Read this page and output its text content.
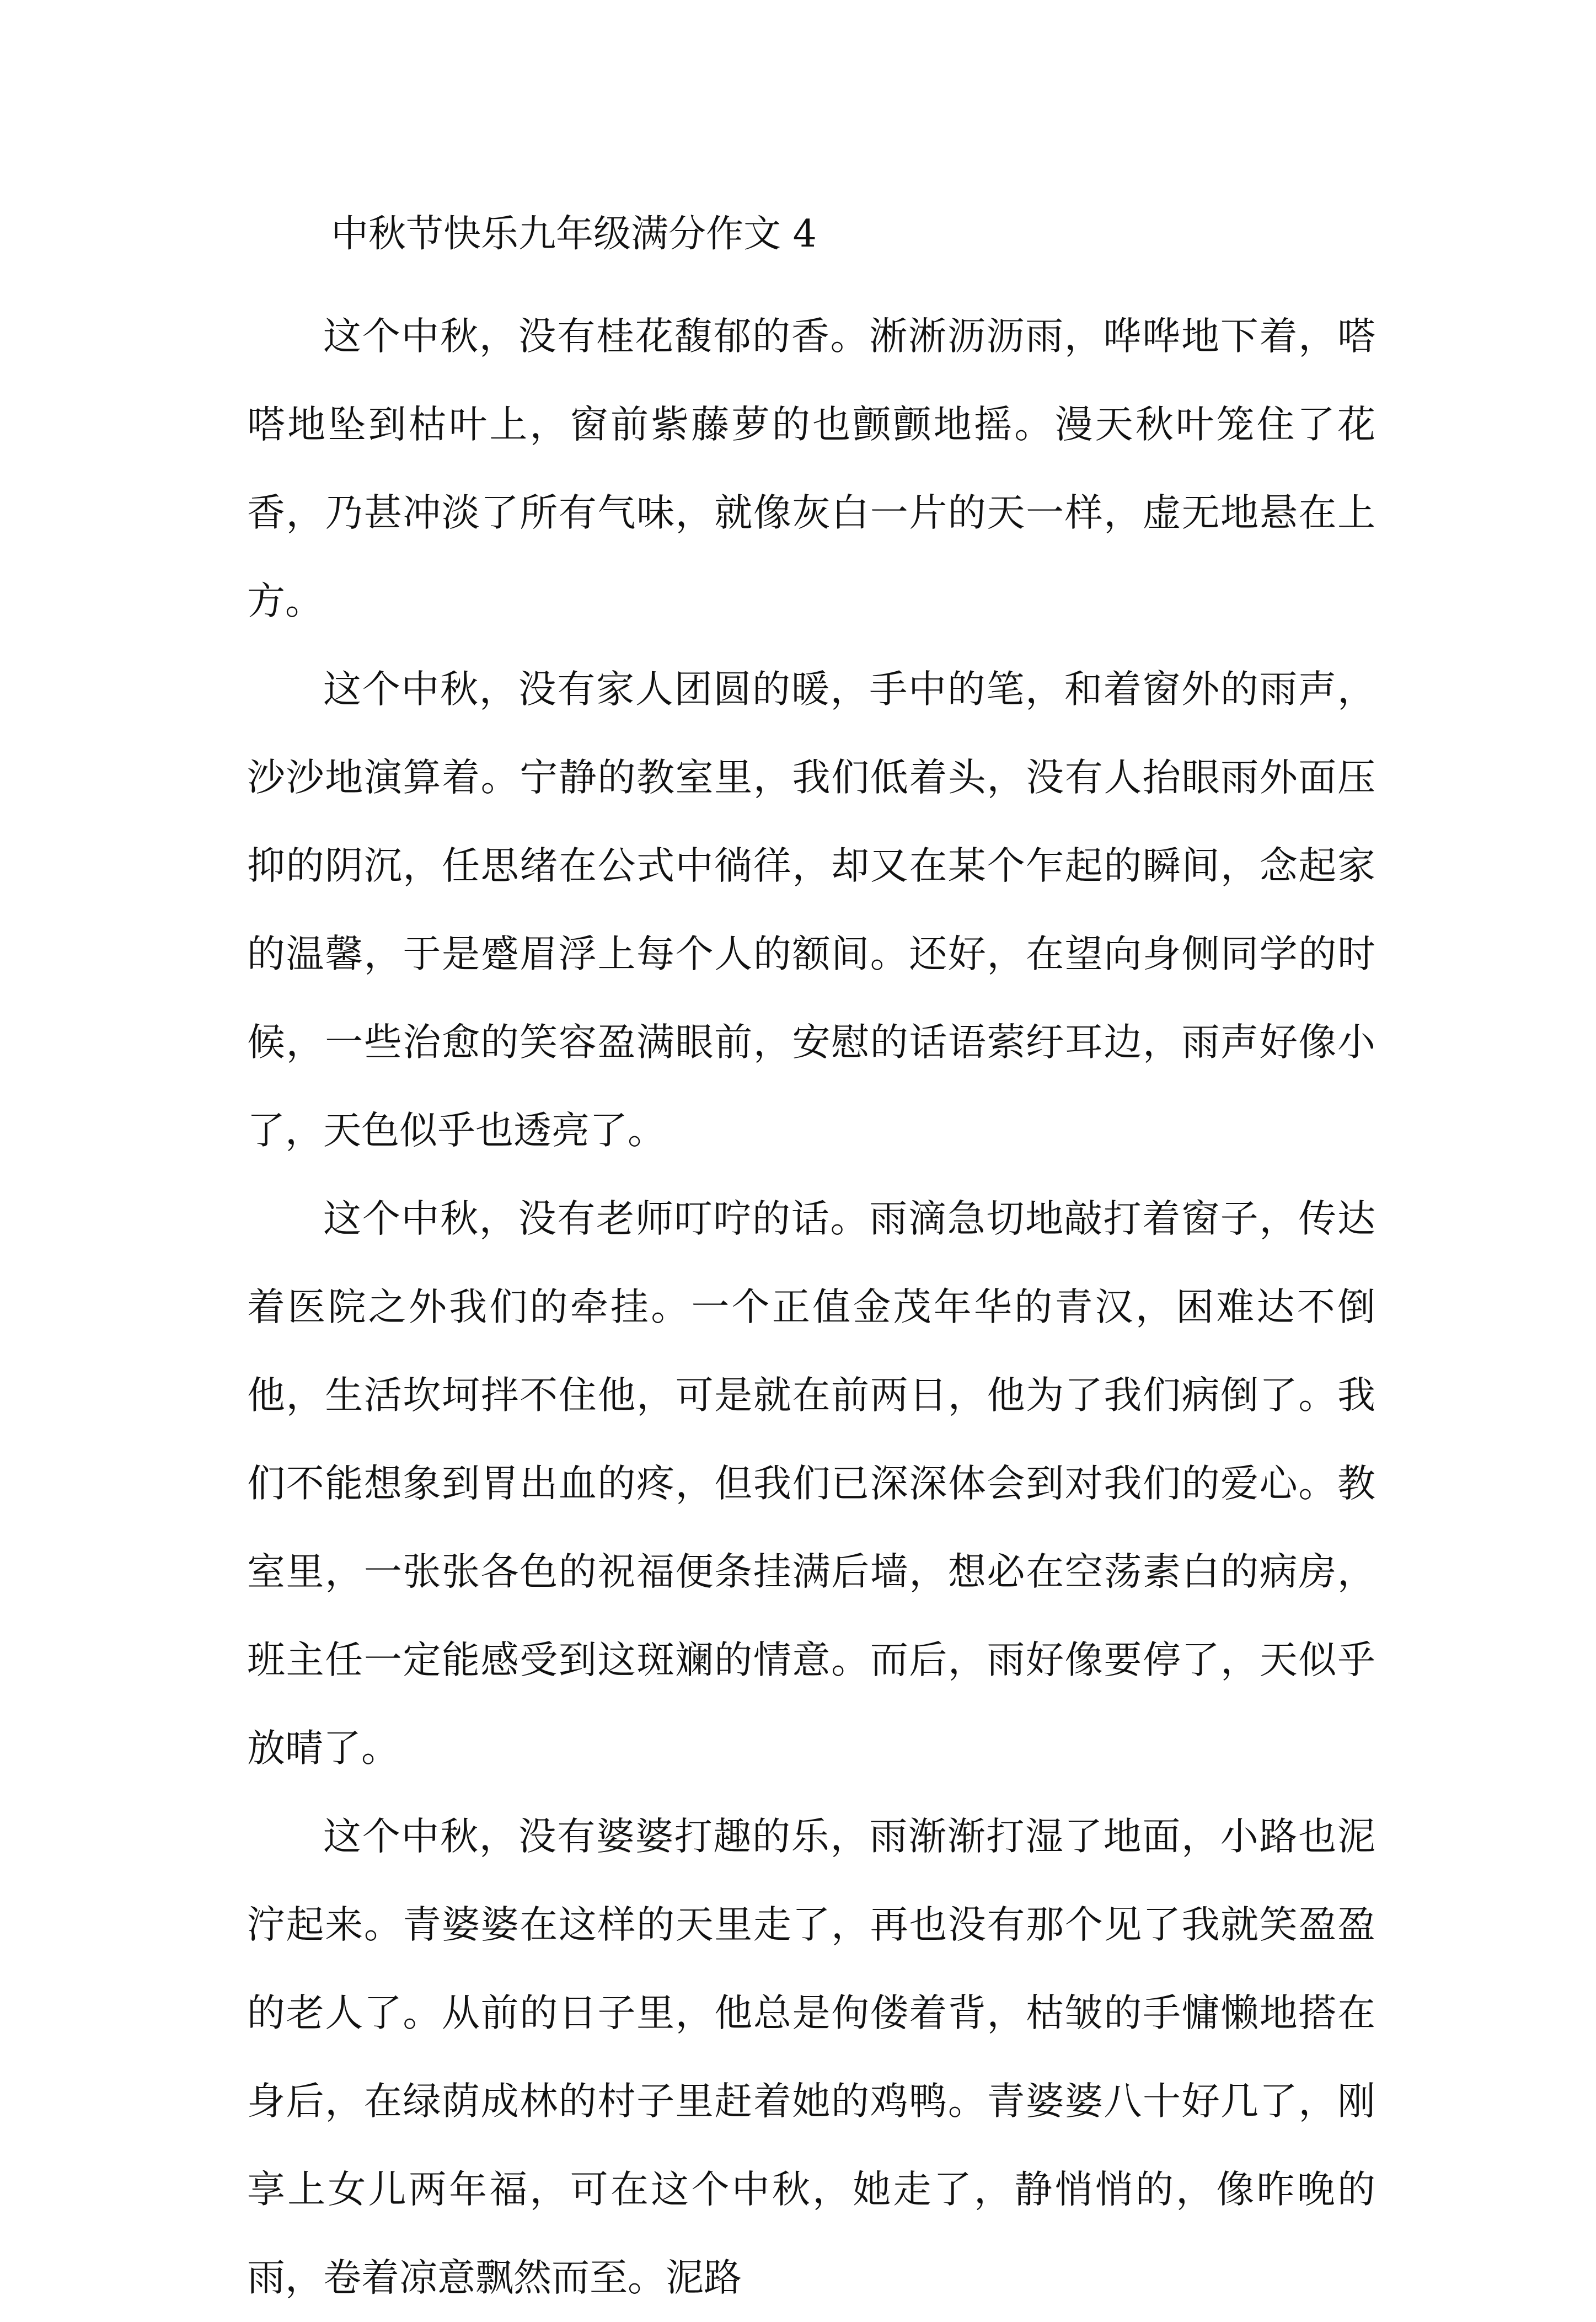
中秋节快乐九年级满分作文 4

这个中秋，没有桂花馥郁的香。淅淅沥沥雨，哗哗地下着，嗒嗒地坠到枯叶上，窗前紫藤萝的也颤颤地摇。漫天秋叶笼住了花香，乃甚冲淡了所有气味，就像灰白一片的天一样，虚无地悬在上方。

这个中秋，没有家人团圆的暖，手中的笔，和着窗外的雨声，沙沙地演算着。宁静的教室里，我们低着头，没有人抬眼雨外面压抑的阴沉，任思绪在公式中徜徉，却又在某个乍起的瞬间，念起家的温馨，于是蹙眉浮上每个人的额间。还好，在望向身侧同学的时候，一些治愈的笑容盈满眼前，安慰的话语萦纡耳边，雨声好像小了，天色似乎也透亮了。

这个中秋，没有老师叮咛的话。雨滴急切地敲打着窗子，传达着医院之外我们的牵挂。一个正值金茂年华的青汉，困难达不倒他，生活坎坷拌不住他，可是就在前两日，他为了我们病倒了。我们不能想象到胃出血的疼，但我们已深深体会到对我们的爱心。教室里，一张张各色的祝福便条挂满后墙，想必在空荡素白的病房，班主任一定能感受到这斑斓的情意。而后，雨好像要停了，天似乎放晴了。

这个中秋，没有婆婆打趣的乐，雨渐渐打湿了地面，小路也泥泞起来。青婆婆在这样的天里走了，再也没有那个见了我就笑盈盈的老人了。从前的日子里，他总是佝偻着背，枯皱的手慵懒地搭在身后，在绿荫成林的村子里赶着她的鸡鸭。青婆婆八十好几了，刚享上女儿两年福，可在这个中秋，她走了，静悄悄的，像昨晚的雨，卷着凉意飘然而至。泥路
